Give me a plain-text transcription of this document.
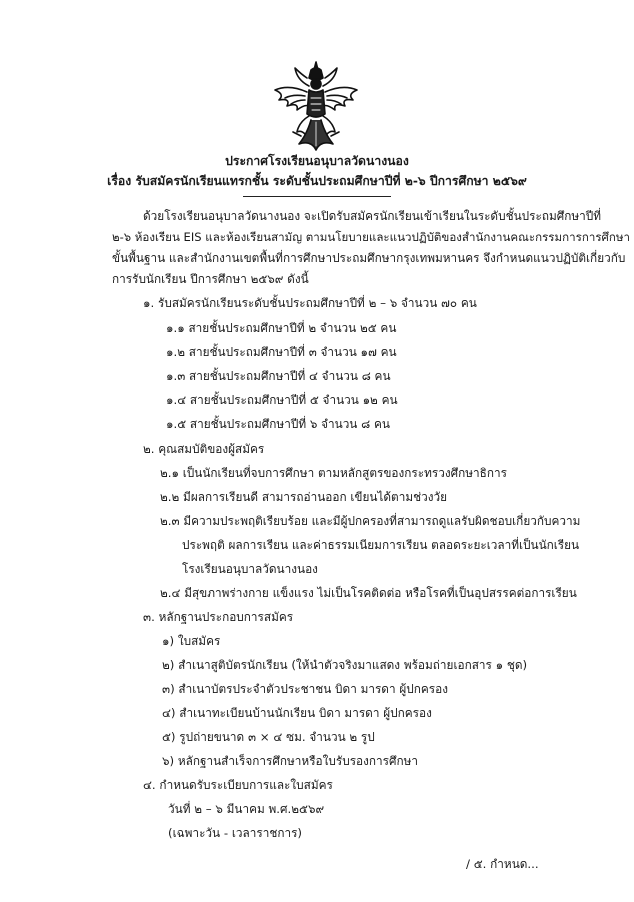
ประกาศโรงเรียนอนุบาลวัดนางนอง
เรื่อง รับสมัครนักเรียนแทรกชั้น ระดับชั้นประถมศึกษาปีที่ ๒-๖ ปีการศึกษา ๒๕๖๙
ด้วยโรงเรียนอนุบาลวัดนางนอง จะเปิดรับสมัครนักเรียนเข้าเรียนในระดับชั้นประถมศึกษาปีที่
๒-๖ ห้องเรียน EIS และห้องเรียนสามัญ ตามนโยบายและแนวปฏิบัติของสำนักงานคณะกรรมการการศึกษา
ขั้นพื้นฐาน และสำนักงานเขตพื้นที่การศึกษาประถมศึกษากรุงเทพมหานคร จึงกำหนดแนวปฏิบัติเกี่ยวกับ
การรับนักเรียน ปีการศึกษา ๒๕๖๙ ดังนี้
๑. รับสมัครนักเรียนระดับชั้นประถมศึกษาปีที่ ๒ – ๖ จำนวน ๗๐ คน
๑.๑ สายชั้นประถมศึกษาปีที่ ๒ จำนวน ๒๕ คน
๑.๒ สายชั้นประถมศึกษาปีที่ ๓ จำนวน ๑๗ คน
๑.๓ สายชั้นประถมศึกษาปีที่ ๔ จำนวน ๘ คน
๑.๔ สายชั้นประถมศึกษาปีที่ ๕ จำนวน ๑๒ คน
๑.๕ สายชั้นประถมศึกษาปีที่ ๖ จำนวน ๘ คน
๒. คุณสมบัติของผู้สมัคร
๒.๑ เป็นนักเรียนที่จบการศึกษา ตามหลักสูตรของกระทรวงศึกษาธิการ
๒.๒ มีผลการเรียนดี สามารถอ่านออก เขียนได้ตามช่วงวัย
๒.๓ มีความประพฤติเรียบร้อย และมีผู้ปกครองที่สามารถดูแลรับผิดชอบเกี่ยวกับความ
ประพฤติ ผลการเรียน และค่าธรรมเนียมการเรียน ตลอดระยะเวลาที่เป็นนักเรียน
โรงเรียนอนุบาลวัดนางนอง
๒.๔ มีสุขภาพร่างกาย แข็งแรง ไม่เป็นโรคติดต่อ หรือโรคที่เป็นอุปสรรคต่อการเรียน
๓. หลักฐานประกอบการสมัคร
๑) ใบสมัคร
๒) สำเนาสูติบัตรนักเรียน (ให้นำตัวจริงมาแสดง พร้อมถ่ายเอกสาร ๑ ชุด)
๓) สำเนาบัตรประจำตัวประชาชน บิดา มารดา ผู้ปกครอง
๔) สำเนาทะเบียนบ้านนักเรียน บิดา มารดา ผู้ปกครอง
๕) รูปถ่ายขนาด ๓ × ๔ ซม. จำนวน ๒ รูป
๖) หลักฐานสำเร็จการศึกษาหรือใบรับรองการศึกษา
๔. กำหนดรับระเบียบการและใบสมัคร
วันที่ ๒ – ๖ มีนาคม พ.ศ.๒๕๖๙
(เฉพาะวัน - เวลาราชการ)
/ ๕. กำหนด...
